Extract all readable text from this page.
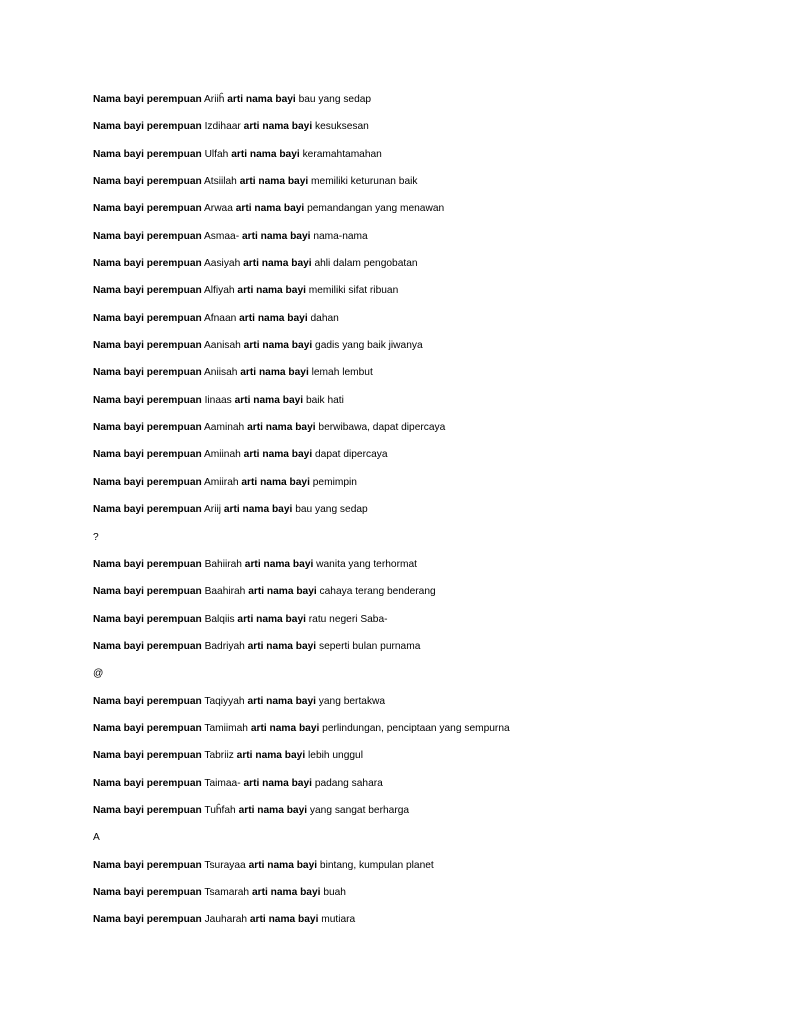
Nama bayi perempuan Ariiĥ arti nama bayi bau yang sedap
Nama bayi perempuan Izdihaar arti nama bayi kesuksesan
Nama bayi perempuan Ulfah arti nama bayi keramahtamahan
Nama bayi perempuan Atsiilah arti nama bayi memiliki keturunan baik
Nama bayi perempuan Arwaa arti nama bayi pemandangan yang menawan
Nama bayi perempuan Asmaa- arti nama bayi nama-nama
Nama bayi perempuan Aasiyah arti nama bayi ahli dalam pengobatan
Nama bayi perempuan Alfiyah arti nama bayi memiliki sifat ribuan
Nama bayi perempuan Afnaan arti nama bayi dahan
Nama bayi perempuan Aanisah arti nama bayi gadis yang baik jiwanya
Nama bayi perempuan Aniisah arti nama bayi lemah lembut
Nama bayi perempuan Iinaas arti nama bayi baik hati
Nama bayi perempuan Aaminah arti nama bayi berwibawa, dapat dipercaya
Nama bayi perempuan Amiinah arti nama bayi dapat dipercaya
Nama bayi perempuan Amiirah arti nama bayi pemimpin
Nama bayi perempuan Ariij arti nama bayi bau yang sedap
?
Nama bayi perempuan Bahiirah arti nama bayi wanita yang terhormat
Nama bayi perempuan Baahirah arti nama bayi cahaya terang benderang
Nama bayi perempuan Balqiis arti nama bayi ratu negeri Saba-
Nama bayi perempuan Badriyah arti nama bayi seperti bulan purnama
@
Nama bayi perempuan Taqiyyah arti nama bayi yang bertakwa
Nama bayi perempuan Tamiimah arti nama bayi perlindungan, penciptaan yang sempurna
Nama bayi perempuan Tabriiz arti nama bayi lebih unggul
Nama bayi perempuan Taimaa- arti nama bayi padang sahara
Nama bayi perempuan Tuĥfah arti nama bayi yang sangat berharga
A
Nama bayi perempuan Tsurayaa arti nama bayi bintang, kumpulan planet
Nama bayi perempuan Tsamarah arti nama bayi buah
Nama bayi perempuan Jauharah arti nama bayi mutiara
